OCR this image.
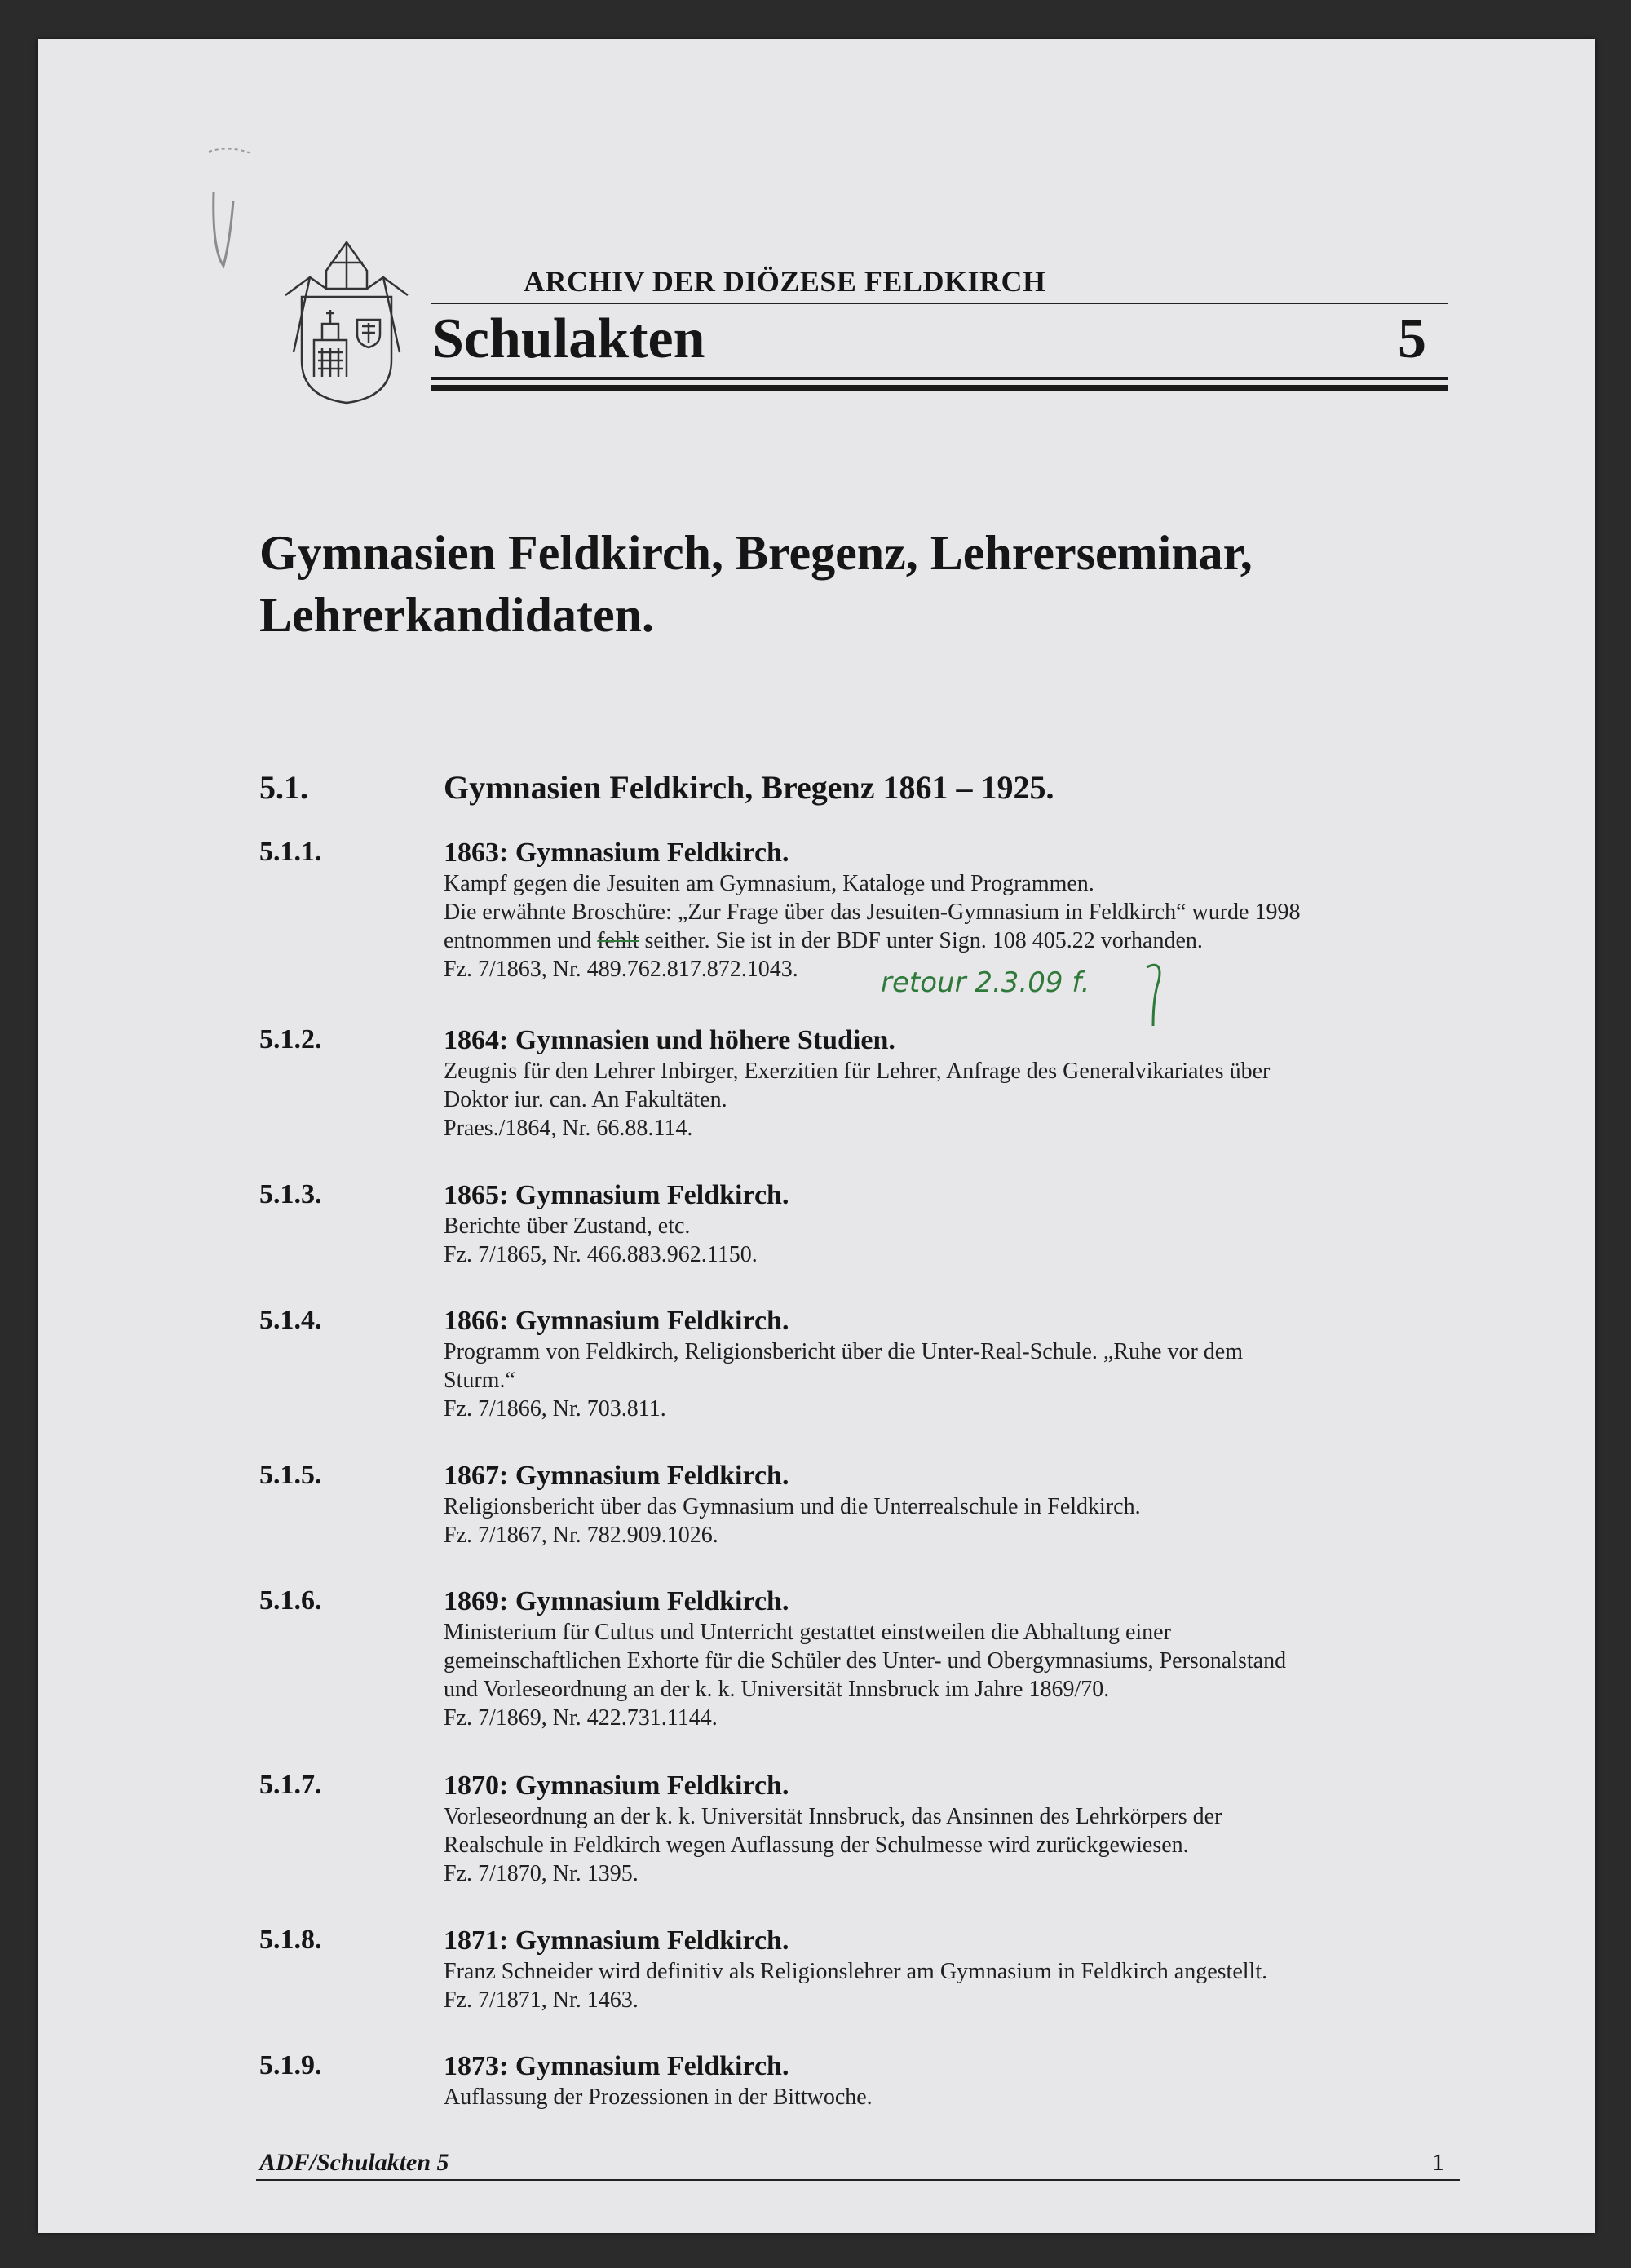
ARCHIV DER DIÖZESE FELDKIRCH
Schulakten	5
Gymnasien Feldkirch, Bregenz, Lehrerseminar,
Lehrerkandidaten.
5.1.	Gymnasien Feldkirch, Bregenz 1861 – 1925.
5.1.1.	1863: Gymnasium Feldkirch.
Kampf gegen die Jesuiten am Gymnasium, Kataloge und Programmen.
Die erwähnte Broschüre: „Zur Frage über das Jesuiten-Gymnasium in Feldkirch“ wurde 1998
entnommen und fehlt seither. Sie ist in der BDF unter Sign. 108 405.22 vorhanden.
Fz. 7/1863, Nr. 489.762.817.872.1043.	retour 2.3.09 f.
5.1.2.	1864: Gymnasien und höhere Studien.
Zeugnis für den Lehrer Inbirger, Exerzitien für Lehrer, Anfrage des Generalvikariates über
Doktor iur. can. An Fakultäten.
Praes./1864, Nr. 66.88.114.
5.1.3.	1865: Gymnasium Feldkirch.
Berichte über Zustand, etc.
Fz. 7/1865, Nr. 466.883.962.1150.
5.1.4.	1866: Gymnasium Feldkirch.
Programm von Feldkirch, Religionsbericht über die Unter-Real-Schule. „Ruhe vor dem
Sturm.“
Fz. 7/1866, Nr. 703.811.
5.1.5.	1867: Gymnasium Feldkirch.
Religionsbericht über das Gymnasium und die Unterrealschule in Feldkirch.
Fz. 7/1867, Nr. 782.909.1026.
5.1.6.	1869: Gymnasium Feldkirch.
Ministerium für Cultus und Unterricht gestattet einstweilen die Abhaltung einer
gemeinschaftlichen Exhorte für die Schüler des Unter- und Obergymnasiums, Personalstand
und Vorleseordnung an der k. k. Universität Innsbruck im Jahre 1869/70.
Fz. 7/1869, Nr. 422.731.1144.
5.1.7.	1870: Gymnasium Feldkirch.
Vorleseordnung an der k. k. Universität Innsbruck, das Ansinnen des Lehrkörpers der
Realschule in Feldkirch wegen Auflassung der Schulmesse wird zurückgewiesen.
Fz. 7/1870, Nr. 1395.
5.1.8.	1871: Gymnasium Feldkirch.
Franz Schneider wird definitiv als Religionslehrer am Gymnasium in Feldkirch angestellt.
Fz. 7/1871, Nr. 1463.
5.1.9.	1873: Gymnasium Feldkirch.
Auflassung der Prozessionen in der Bittwoche.
ADF/Schulakten 5	1
